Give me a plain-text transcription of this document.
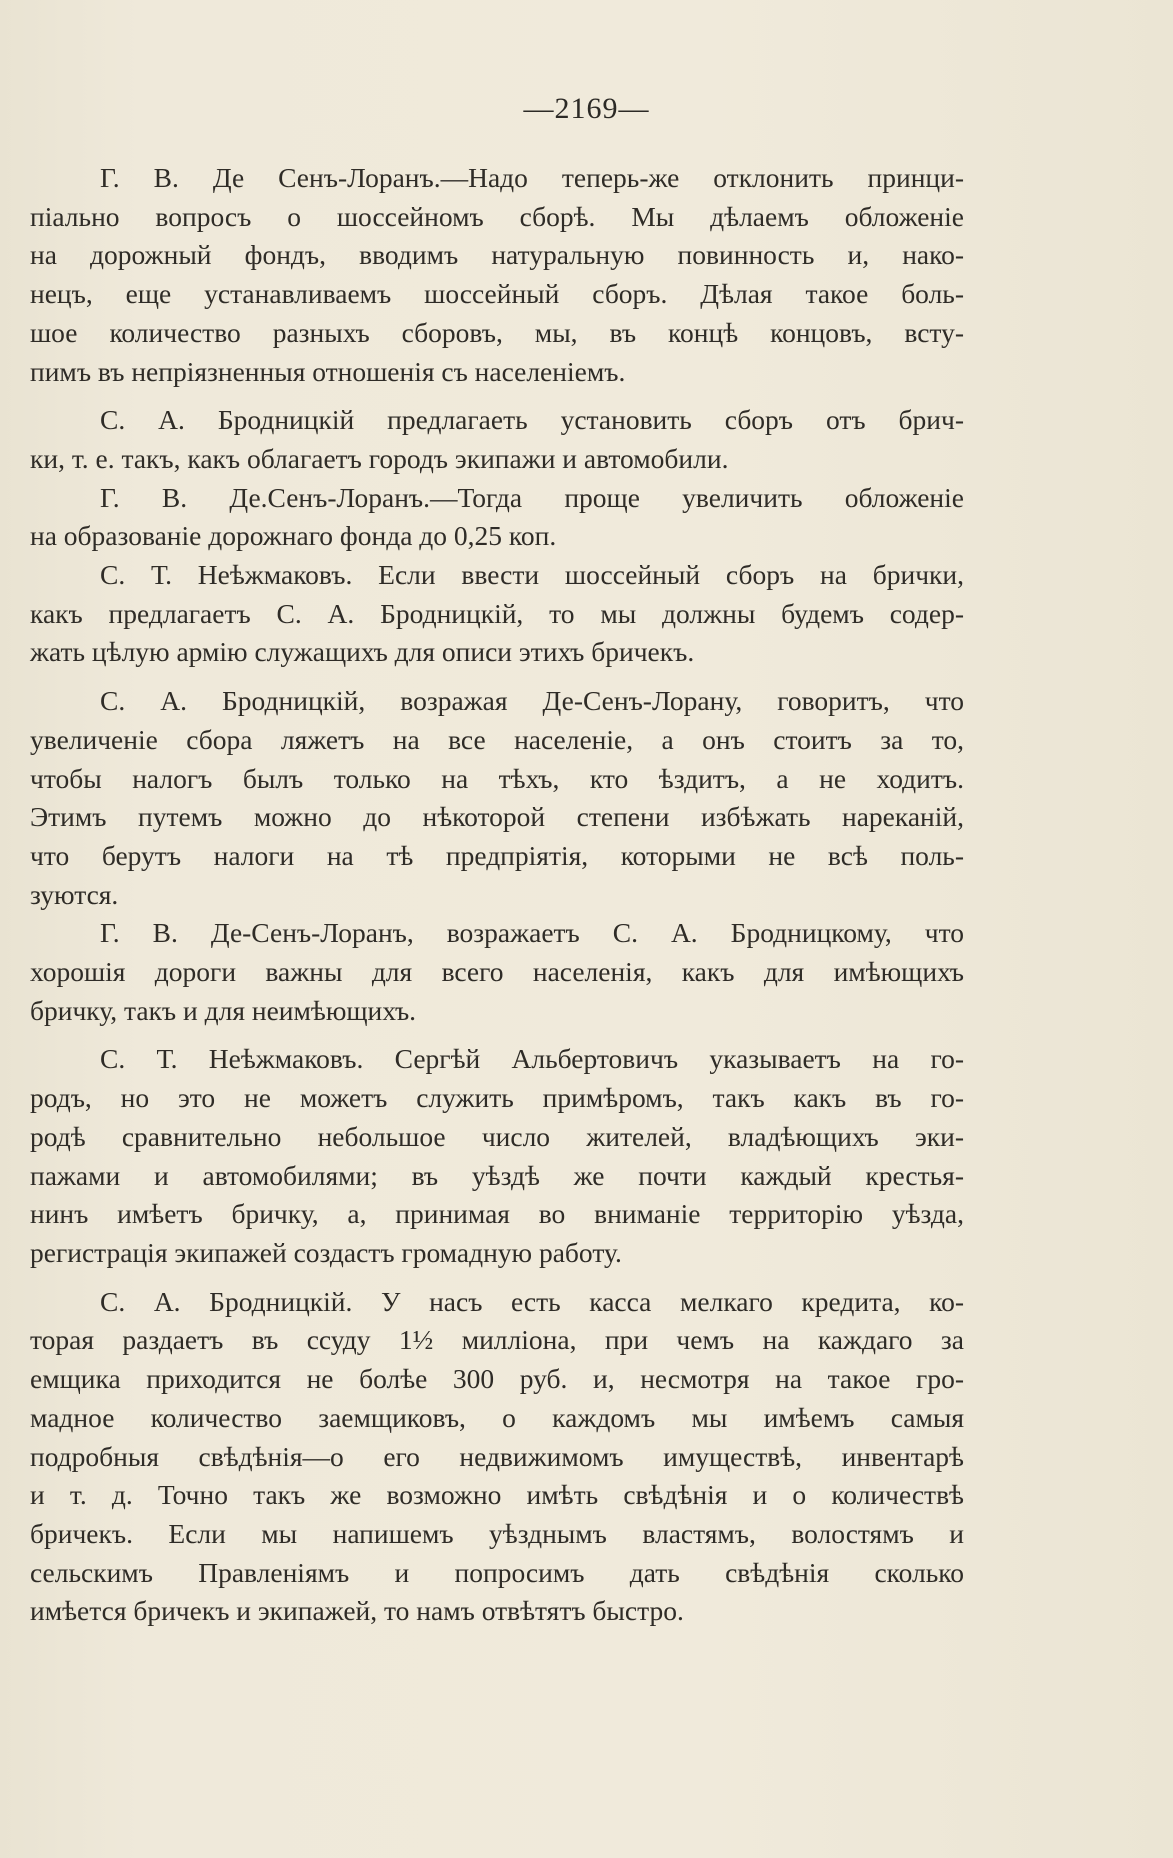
—2169—

Г. В. Де Сенъ-Лоранъ.—Надо теперь-же отклонить принци-
піально вопросъ о шоссейномъ сборѣ. Мы дѣлаемъ обложеніе
на дорожный фондъ, вводимъ натуральную повинность и, нако-
нецъ, еще устанавливаемъ шоссейный сборъ. Дѣлая такое боль-
шое количество разныхъ сборовъ, мы, въ концѣ концовъ, всту-
пимъ въ непріязненныя отношенія съ населеніемъ.

С. А. Бродницкій предлагаеть установить сборъ отъ брич-
ки, т. е. такъ, какъ облагаетъ городъ экипажи и автомобили.

Г. В. Де.Сенъ-Лоранъ.—Тогда проще увеличить обложеніе
на образованіе дорожнаго фонда до 0,25 коп.

С. Т. Неѣжмаковъ. Если ввести шоссейный сборъ на брички,
какъ предлагаетъ С. А. Бродницкій, то мы должны будемъ содер-
жать цѣлую армію служащихъ для описи этихъ бричекъ.

С. А. Бродницкій, возражая Де-Сенъ-Лорану, говоритъ, что
увеличеніе сбора ляжетъ на все населеніе, а онъ стоитъ за то,
чтобы налогъ былъ только на тѣхъ, кто ѣздитъ, а не ходитъ.
Этимъ путемъ можно до нѣкоторой степени избѣжать нареканій,
что берутъ налоги на тѣ предпріятія, которыми не всѣ поль-
зуются.

Г. В. Де-Сенъ-Лоранъ, возражаетъ С. А. Бродницкому, что
хорошія дороги важны для всего населенія, какъ для имѣющихъ
бричку, такъ и для неимѣющихъ.

С. Т. Неѣжмаковъ. Сергѣй Альбертовичъ указываетъ на го-
родъ, но это не можетъ служить примѣромъ, такъ какъ въ го-
родѣ сравнительно небольшое число жителей, владѣющихъ эки-
пажами и автомобилями; въ уѣздѣ же почти каждый крестья-
нинъ имѣетъ бричку, а, принимая во вниманіе территорію уѣзда,
регистрація экипажей создастъ громадную работу.

С. А. Бродницкій. У насъ есть касса мелкаго кредита, ко-
торая раздаетъ въ ссуду 1½ милліона, при чемъ на каждаго за
емщика приходится не болѣе 300 руб. и, несмотря на такое гро-
мадное количество заемщиковъ, о каждомъ мы имѣемъ самыя
подробныя свѣдѣнія—о его недвижимомъ имуществѣ, инвентарѣ
и т. д. Точно такъ же возможно имѣть свѣдѣнія и о количествѣ
бричекъ. Если мы напишемъ уѣзднымъ властямъ, волостямъ и
сельскимъ Правленіямъ и попросимъ дать свѣдѣнія сколько
имѣется бричекъ и экипажей, то намъ отвѣтятъ быстро.
